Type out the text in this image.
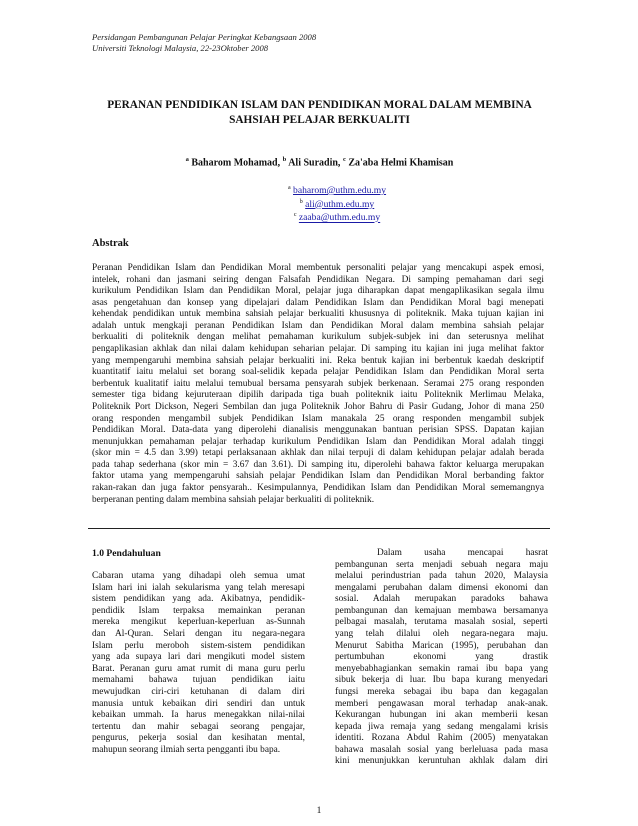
Persidangan Pembangunan Pelajar Peringkat Kebangsaan 2008
Universiti Teknologi Malaysia, 22-23Oktober 2008
PERANAN PENDIDIKAN ISLAM DAN PENDIDIKAN MORAL DALAM MEMBINA
SAHSIAH PELAJAR BERKUALITI
$^a$ Baharom Mohamad, $^b$ Ali Suradin, $^c$ Za'aba Helmi Khamisan
$^a$ baharom@uthm.edu.my
$^b$ ali@uthm.edu.my
$^c$ zaaba@uthm.edu.my
Abstrak
Peranan Pendidikan Islam dan Pendidikan Moral membentuk personaliti pelajar yang mencakupi aspek emosi,
intelek, rohani dan jasmani seiring dengan Falsafah Pendidikan Negara. Di samping pemahaman dari segi
kurikulum Pendidikan Islam dan Pendidikan Moral, pelajar juga diharapkan dapat mengaplikasikan segala ilmu
asas pengetahuan dan konsep yang dipelajari dalam Pendidikan Islam dan Pendidikan Moral bagi menepati
kehendak pendidikan untuk membina sahsiah pelajar berkualiti khususnya di politeknik. Maka tujuan kajian ini
adalah untuk mengkaji peranan Pendidikan Islam dan Pendidikan Moral dalam membina sahsiah pelajar
berkualiti di politeknik dengan melihat pemahaman kurikulum subjek-subjek ini dan seterusnya melihat
pengaplikasian akhlak dan nilai dalam kehidupan seharian pelajar. Di samping itu kajian ini juga melihat faktor
yang mempengaruhi membina sahsiah pelajar berkualiti ini. Reka bentuk kajian ini berbentuk kaedah deskriptif
kuantitatif iaitu melalui set borang soal-selidik kepada pelajar Pendidikan Islam dan Pendidikan Moral serta
berbentuk kualitatif iaitu melalui temubual bersama pensyarah subjek berkenaan. Seramai 275 orang responden
semester tiga bidang kejuruteraan dipilih daripada tiga buah politeknik iaitu Politeknik Merlimau Melaka,
Politeknik Port Dickson, Negeri Sembilan dan juga Politeknik Johor Bahru di Pasir Gudang, Johor di mana 250
orang responden mengambil subjek Pendidikan Islam manakala 25 orang responden mengambil subjek
Pendidikan Moral. Data-data yang diperolehi dianalisis menggunakan bantuan perisian SPSS. Dapatan kajian
menunjukkan pemahaman pelajar terhadap kurikulum Pendidikan Islam dan Pendidikan Moral adalah tinggi
(skor min = 4.5 dan 3.99) tetapi perlaksanaan akhlak dan nilai terpuji di dalam kehidupan pelajar adalah berada
pada tahap sederhana (skor min = 3.67 dan 3.61). Di samping itu, diperolehi bahawa faktor keluarga merupakan
faktor utama yang mempengaruhi sahsiah pelajar Pendidikan Islam dan Pendidikan Moral berbanding faktor
rakan-rakan dan juga faktor pensyarah.. Kesimpulannya, Pendidikan Islam dan Pendidikan Moral sememangnya
berperanan penting dalam membina sahsiah pelajar berkualiti di politeknik.
1.0 Pendahuluan
Cabaran utama yang dihadapi oleh semua umat
Islam hari ini ialah sekularisma yang telah meresapi
sistem pendidikan yang ada. Akibatnya, pendidik-
pendidik Islam terpaksa memainkan peranan
mereka mengikut keperluan-keperluan as-Sunnah
dan Al-Quran. Selari dengan itu negara-negara
Islam perlu meroboh sistem-sistem pendidikan
yang ada supaya lari dari mengikuti model sistem
Barat. Peranan guru amat rumit di mana guru perlu
memahami bahawa tujuan pendidikan iaitu
mewujudkan ciri-ciri ketuhanan di dalam diri
manusia untuk kebaikan diri sendiri dan untuk
kebaikan ummah. Ia harus menegakkan nilai-nilai
tertentu dan mahir sebagai seorang pengajar,
pengurus, pekerja sosial dan kesihatan mental,
mahupun seorang ilmiah serta pengganti ibu bapa.
Dalam usaha mencapai hasrat
pembangunan serta menjadi sebuah negara maju
melalui perindustrian pada tahun 2020, Malaysia
mengalami perubahan dalam dimensi ekonomi dan
sosial. Adalah merupakan paradoks bahawa
pembangunan dan kemajuan membawa bersamanya
pelbagai masalah, terutama masalah sosial, seperti
yang telah dilalui oleh negara-negara maju.
Menurut Sabitha Marican (1995), perubahan dan
pertumbuhan ekonomi yang drastik
menyebabhagiankan semakin ramai ibu bapa yang
sibuk bekerja di luar. Ibu bapa kurang menyedari
fungsi mereka sebagai ibu bapa dan kegagalan
memberi pengawasan moral terhadap anak-anak.
Kekurangan hubungan ini akan memberii kesan
kepada jiwa remaja yang sedang mengalami krisis
identiti. Rozana Abdul Rahim (2005) menyatakan
bahawa masalah sosial yang berleluasa pada masa
kini menunjukkan keruntuhan akhlak dalam diri
1
